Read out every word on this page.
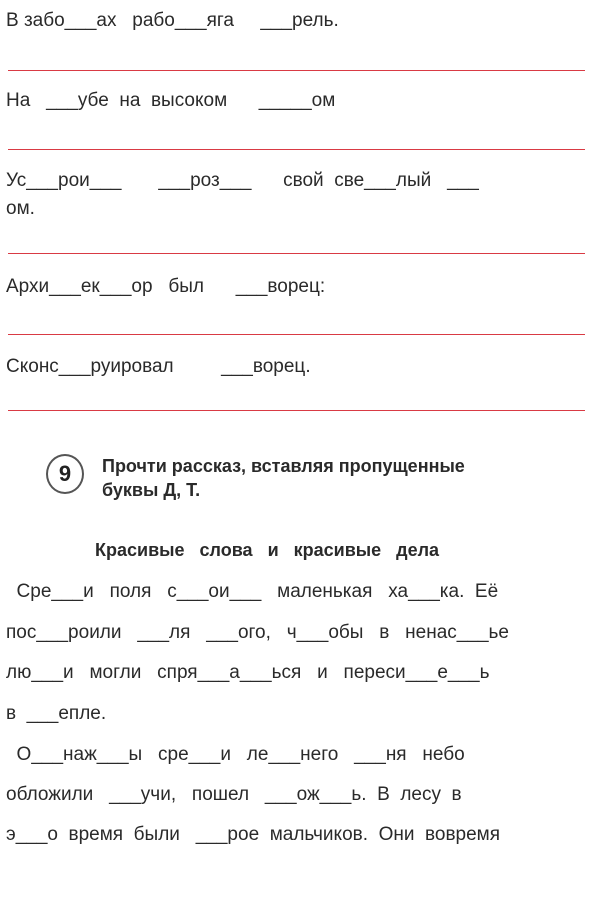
В забо___ах   рабо___яга     ___рель.
На   ___убе  на  высоком      _____ом
Ус___рои___       ___роз___      свой  све___лый   ___
ом.
Архи___ек___ор   был      ___ворец:
Сконс___руировал         ___ворец.
9	Прочти рассказ, вставляя пропущенные
буквы Д, Т.
Красивые   слова   и   красивые   дела
Сре___и   поля   с___ои___   маленькая   ха___ка.  Её
пос___роили   ___ля   ___ого,   ч___обы   в   ненас___ье
лю___и   могли   спря___а___ься   и   переси___е___ь
в  ___епле.
О___наж___ы   сре___и   ле___него   ___ня   небо
обложили   ___учи,   пошел   ___ож___ь.  В  лесу  в
э___о  время  были   ___рое  мальчиков.  Они  вовремя
